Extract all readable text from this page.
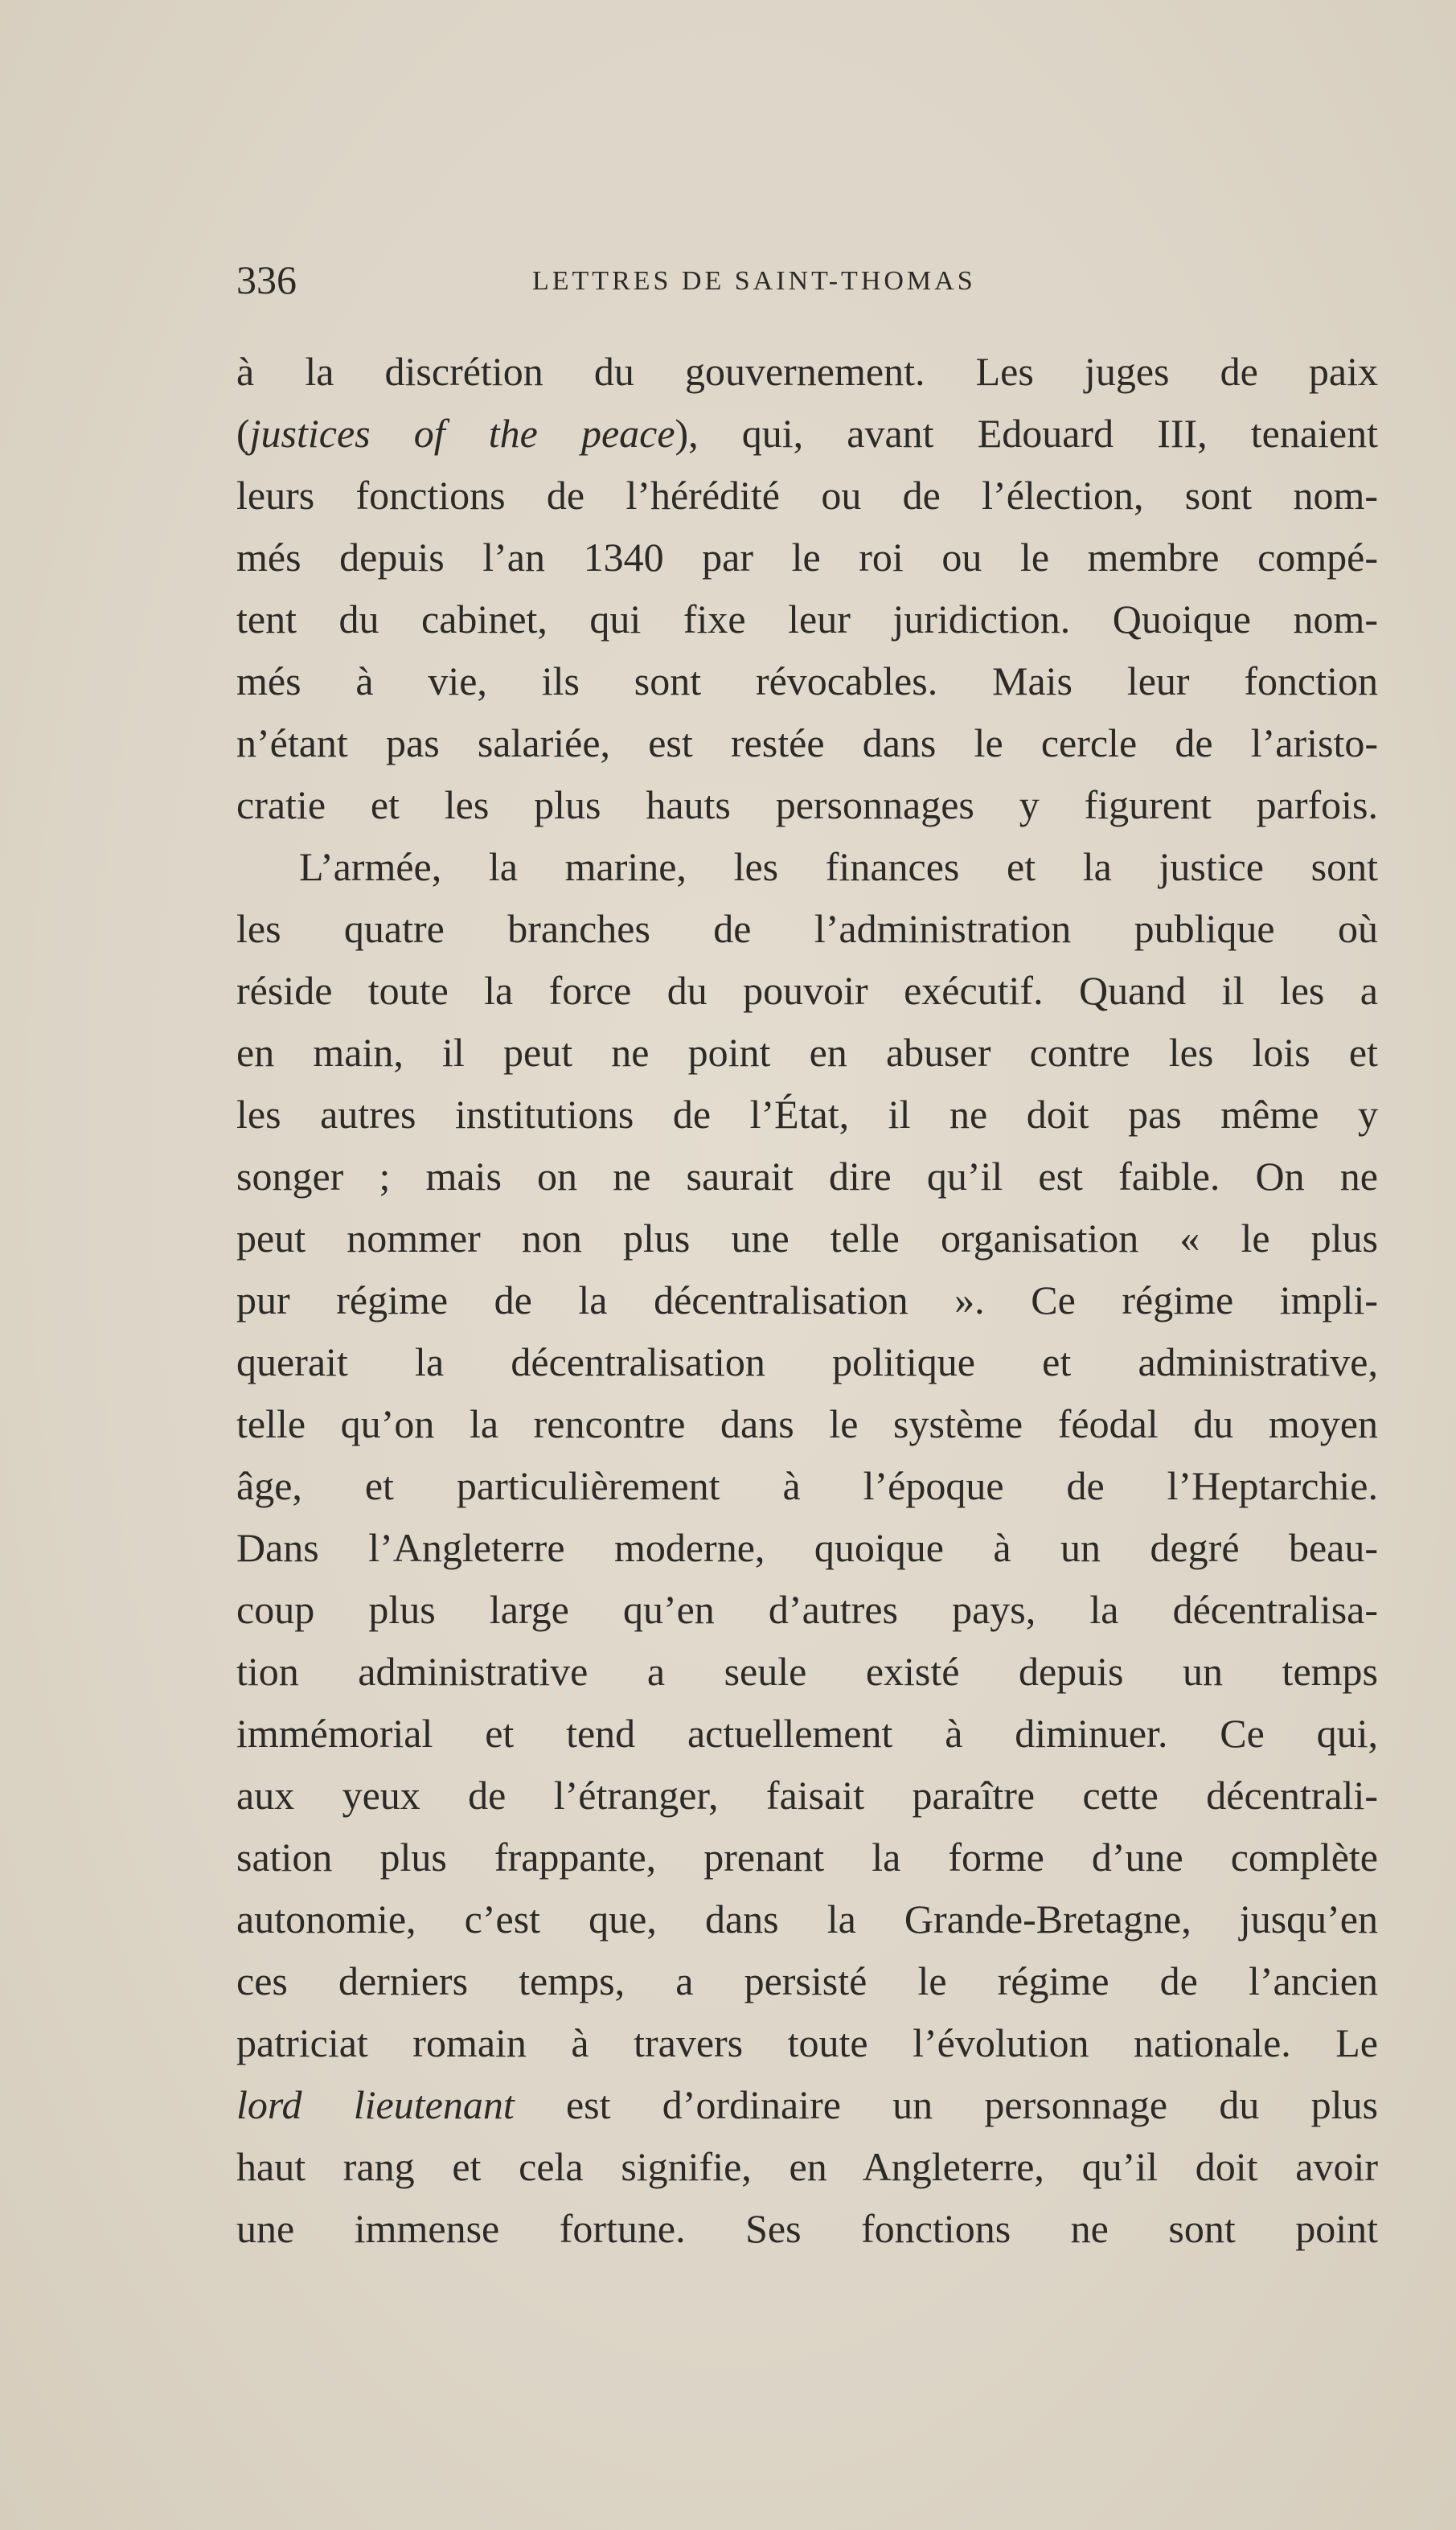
336	LETTRES DE SAINT-THOMAS
à la discrétion du gouvernement. Les juges de paix
(justices of the peace), qui, avant Edouard III, tenaient
leurs fonctions de l’hérédité ou de l’élection, sont nom-
més depuis l’an 1340 par le roi ou le membre compé-
tent du cabinet, qui fixe leur juridiction. Quoique nom-
més à vie, ils sont révocables. Mais leur fonction
n’étant pas salariée, est restée dans le cercle de l’aristo-
cratie et les plus hauts personnages y figurent parfois.
L’armée, la marine, les finances et la justice sont
les quatre branches de l’administration publique où
réside toute la force du pouvoir exécutif. Quand il les a
en main, il peut ne point en abuser contre les lois et
les autres institutions de l’État, il ne doit pas même y
songer ; mais on ne saurait dire qu’il est faible. On ne
peut nommer non plus une telle organisation « le plus
pur régime de la décentralisation ». Ce régime impli-
querait la décentralisation politique et administrative,
telle qu’on la rencontre dans le système féodal du moyen
âge, et particulièrement à l’époque de l’Heptarchie.
Dans l’Angleterre moderne, quoique à un degré beau-
coup plus large qu’en d’autres pays, la décentralisa-
tion administrative a seule existé depuis un temps
immémorial et tend actuellement à diminuer. Ce qui,
aux yeux de l’étranger, faisait paraître cette décentrali-
sation plus frappante, prenant la forme d’une complète
autonomie, c’est que, dans la Grande-Bretagne, jusqu’en
ces derniers temps, a persisté le régime de l’ancien
patriciat romain à travers toute l’évolution nationale. Le
lord lieutenant est d’ordinaire un personnage du plus
haut rang et cela signifie, en Angleterre, qu’il doit avoir
une immense fortune. Ses fonctions ne sont point
